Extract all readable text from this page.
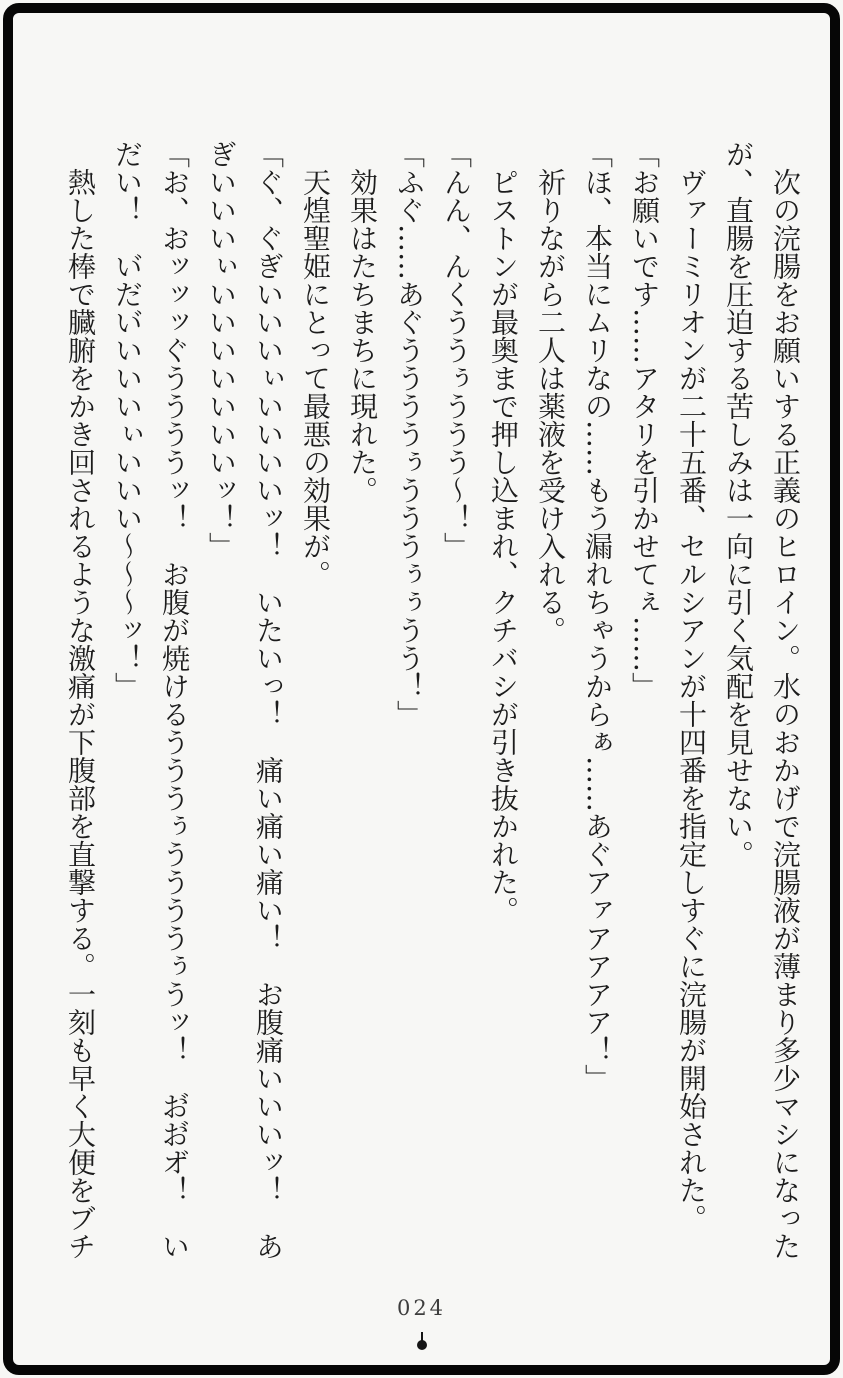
　次の浣腸をお願いする正義のヒロイン。水のおかげで浣腸液が薄まり多少マシになったが、直腸を圧迫する苦しみは一向に引く気配を見せない。

　ヴァーミリオンが二十五番、セルシアンが十四番を指定しすぐに浣腸が開始された。

「お願いです……アタリを引かせてぇ……」

「ほ、本当にムリなの……もう漏れちゃうからぁ……あぐアァアアアア！」

　祈りながら二人は薬液を受け入れる。

　ピストンが最奥まで押し込まれ、クチバシが引き抜かれた。

「んん、んくううぅううう～！」

「ふぐ……あぐううううぅうううぅぅうう！」

　効果はたちまちに現れた。

　天煌聖姫にとって最悪の効果が。

「ぐ、ぐぎいいいぃいいいいッ！　いたいっ！　痛い痛い痛い！　お腹痛いいいッ！　あぎいいいぃいいいいいいいッ！」

「お、おッッッぐううううッ！　お腹が焼けるうううぅううううぅうッ！　お゙お゙オ゙！　いだい！　い゙だい゙いいいぃいいい～～～ッ！」

　熱した棒で臓腑をかき回されるような激痛が下腹部を直撃する。一刻も早く大便をブチ

024
